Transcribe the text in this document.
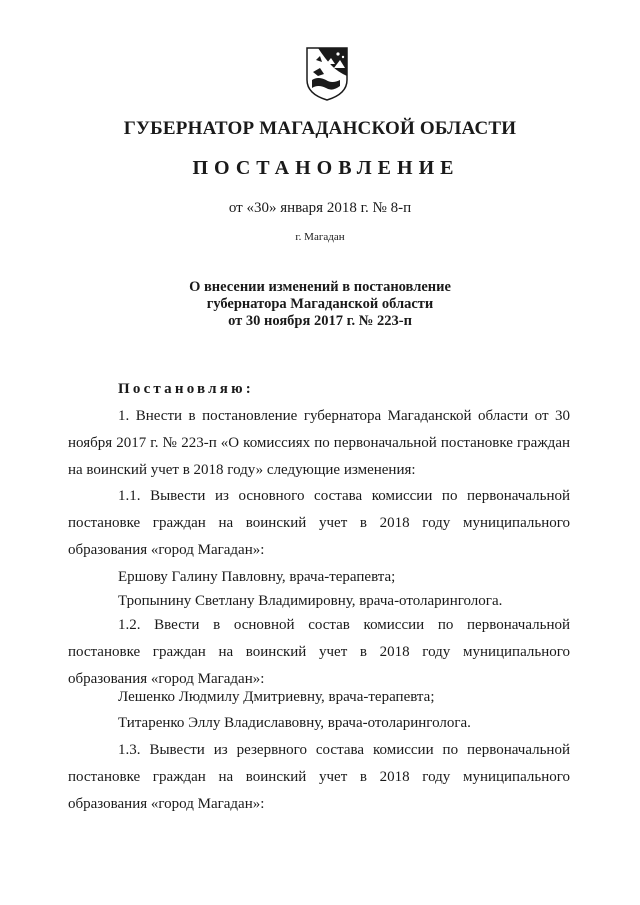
ГУБЕРНАТОР МАГАДАНСКОЙ ОБЛАСТИ
ПОСТАНОВЛЕНИЕ
от «30» января 2018 г. № 8-п
г. Магадан
О внесении изменений в постановление
губернатора Магаданской области
от 30 ноября 2017 г. № 223-п
Постановляю:

1. Внести в постановление губернатора Магаданской области от 30 ноября 2017 г. № 223-п «О комиссиях по первоначальной постановке граждан на воинский учет в 2018 году» следующие изменения:

1.1. Вывести из основного состава комиссии по первоначальной постановке граждан на воинский учет в 2018 году муниципального образования «город Магадан»:

Ершову Галину Павловну, врача-терапевта;

Тропынину Светлану Владимировну, врача-отоларинголога.

1.2. Ввести в основной состав комиссии по первоначальной постановке граждан на воинский учет в 2018 году муниципального образования «город Магадан»:

Лешенко Людмилу Дмитриевну, врача-терапевта;

Титаренко Эллу Владиславовну, врача-отоларинголога.

1.3. Вывести из резервного состава комиссии по первоначальной постановке граждан на воинский учет в 2018 году муниципального образования «город Магадан»:
